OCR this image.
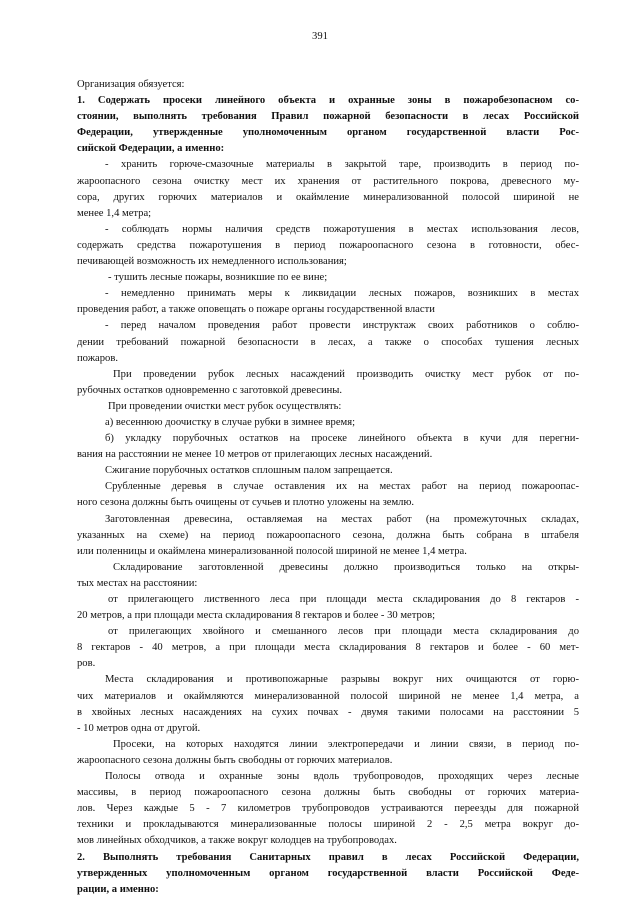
391
Организация обязуется:
1. Содержать просеки линейного объекта и охранные зоны в пожаробезопасном со-
стоянии, выполнять требования Правил пожарной безопасности в лесах Российской
Федерации, утвержденные уполномоченным органом государственной власти Рос-
сийской Федерации, а именно:
- хранить горюче-смазочные материалы в закрытой таре, производить в период по-
жароопасного сезона очистку мест их хранения от растительного покрова, древесного му-
сора, других горючих материалов и окаймление минерализованной полосой шириной не
менее 1,4 метра;
- соблюдать нормы наличия средств пожаротушения в местах использования лесов,
содержать средства пожаротушения в период пожароопасного сезона в готовности, обес-
печивающей возможность их немедленного использования;
- тушить лесные пожары, возникшие по ее вине;
- немедленно принимать меры к ликвидации лесных пожаров, возникших в местах
проведения работ, а также оповещать о пожаре органы государственной власти
- перед началом проведения работ провести инструктаж своих работников о соблю-
дении требований пожарной безопасности в лесах, а также о способах тушения лесных
пожаров.
При проведении рубок лесных насаждений производить очистку мест рубок от по-
рубочных остатков одновременно с заготовкой древесины.
При проведении очистки мест рубок осуществлять:
а) весеннюю доочистку в случае рубки в зимнее время;
б) укладку порубочных остатков на просеке линейного объекта в кучи для перегни-
вания на расстоянии не менее 10 метров от прилегающих лесных насаждений.
Сжигание порубочных остатков сплошным палом запрещается.
Срубленные деревья в случае оставления их на местах работ на период пожароопас-
ного сезона должны быть очищены от сучьев и плотно уложены на землю.
Заготовленная древесина, оставляемая на местах работ (на промежуточных складах,
указанных на схеме) на период пожароопасного сезона, должна быть собрана в штабеля
или поленницы и окаймлена минерализованной полосой шириной не менее 1,4 метра.
Складирование заготовленной древесины должно производиться только на откры-
тых местах на расстоянии:
от прилегающего лиственного леса при площади места складирования до 8 гектаров -
20 метров, а при площади места складирования 8 гектаров и более - 30 метров;
от прилегающих хвойного и смешанного лесов при площади места складирования до
8 гектаров - 40 метров, а при площади места складирования 8 гектаров и более - 60 мет-
ров.
Места складирования и противопожарные разрывы вокруг них очищаются от горю-
чих материалов и окаймляются минерализованной полосой шириной не менее 1,4 метра, а
в хвойных лесных насаждениях на сухих почвах - двумя такими полосами на расстоянии 5
- 10 метров одна от другой.
Просеки, на которых находятся линии электропередачи и линии связи, в период по-
жароопасного сезона должны быть свободны от горючих материалов.
Полосы отвода и охранные зоны вдоль трубопроводов, проходящих через лесные
массивы, в период пожароопасного сезона должны быть свободны от горючих материа-
лов. Через каждые 5 - 7 километров трубопроводов устраиваются переезды для пожарной
техники и прокладываются минерализованные полосы шириной 2 - 2,5 метра вокруг до-
мов линейных обходчиков, а также вокруг колодцев на трубопроводах.
2. Выполнять требования Санитарных правил в лесах Российской Федерации,
утвержденных уполномоченным органом государственной власти Российской Феде-
рации, а именно:
